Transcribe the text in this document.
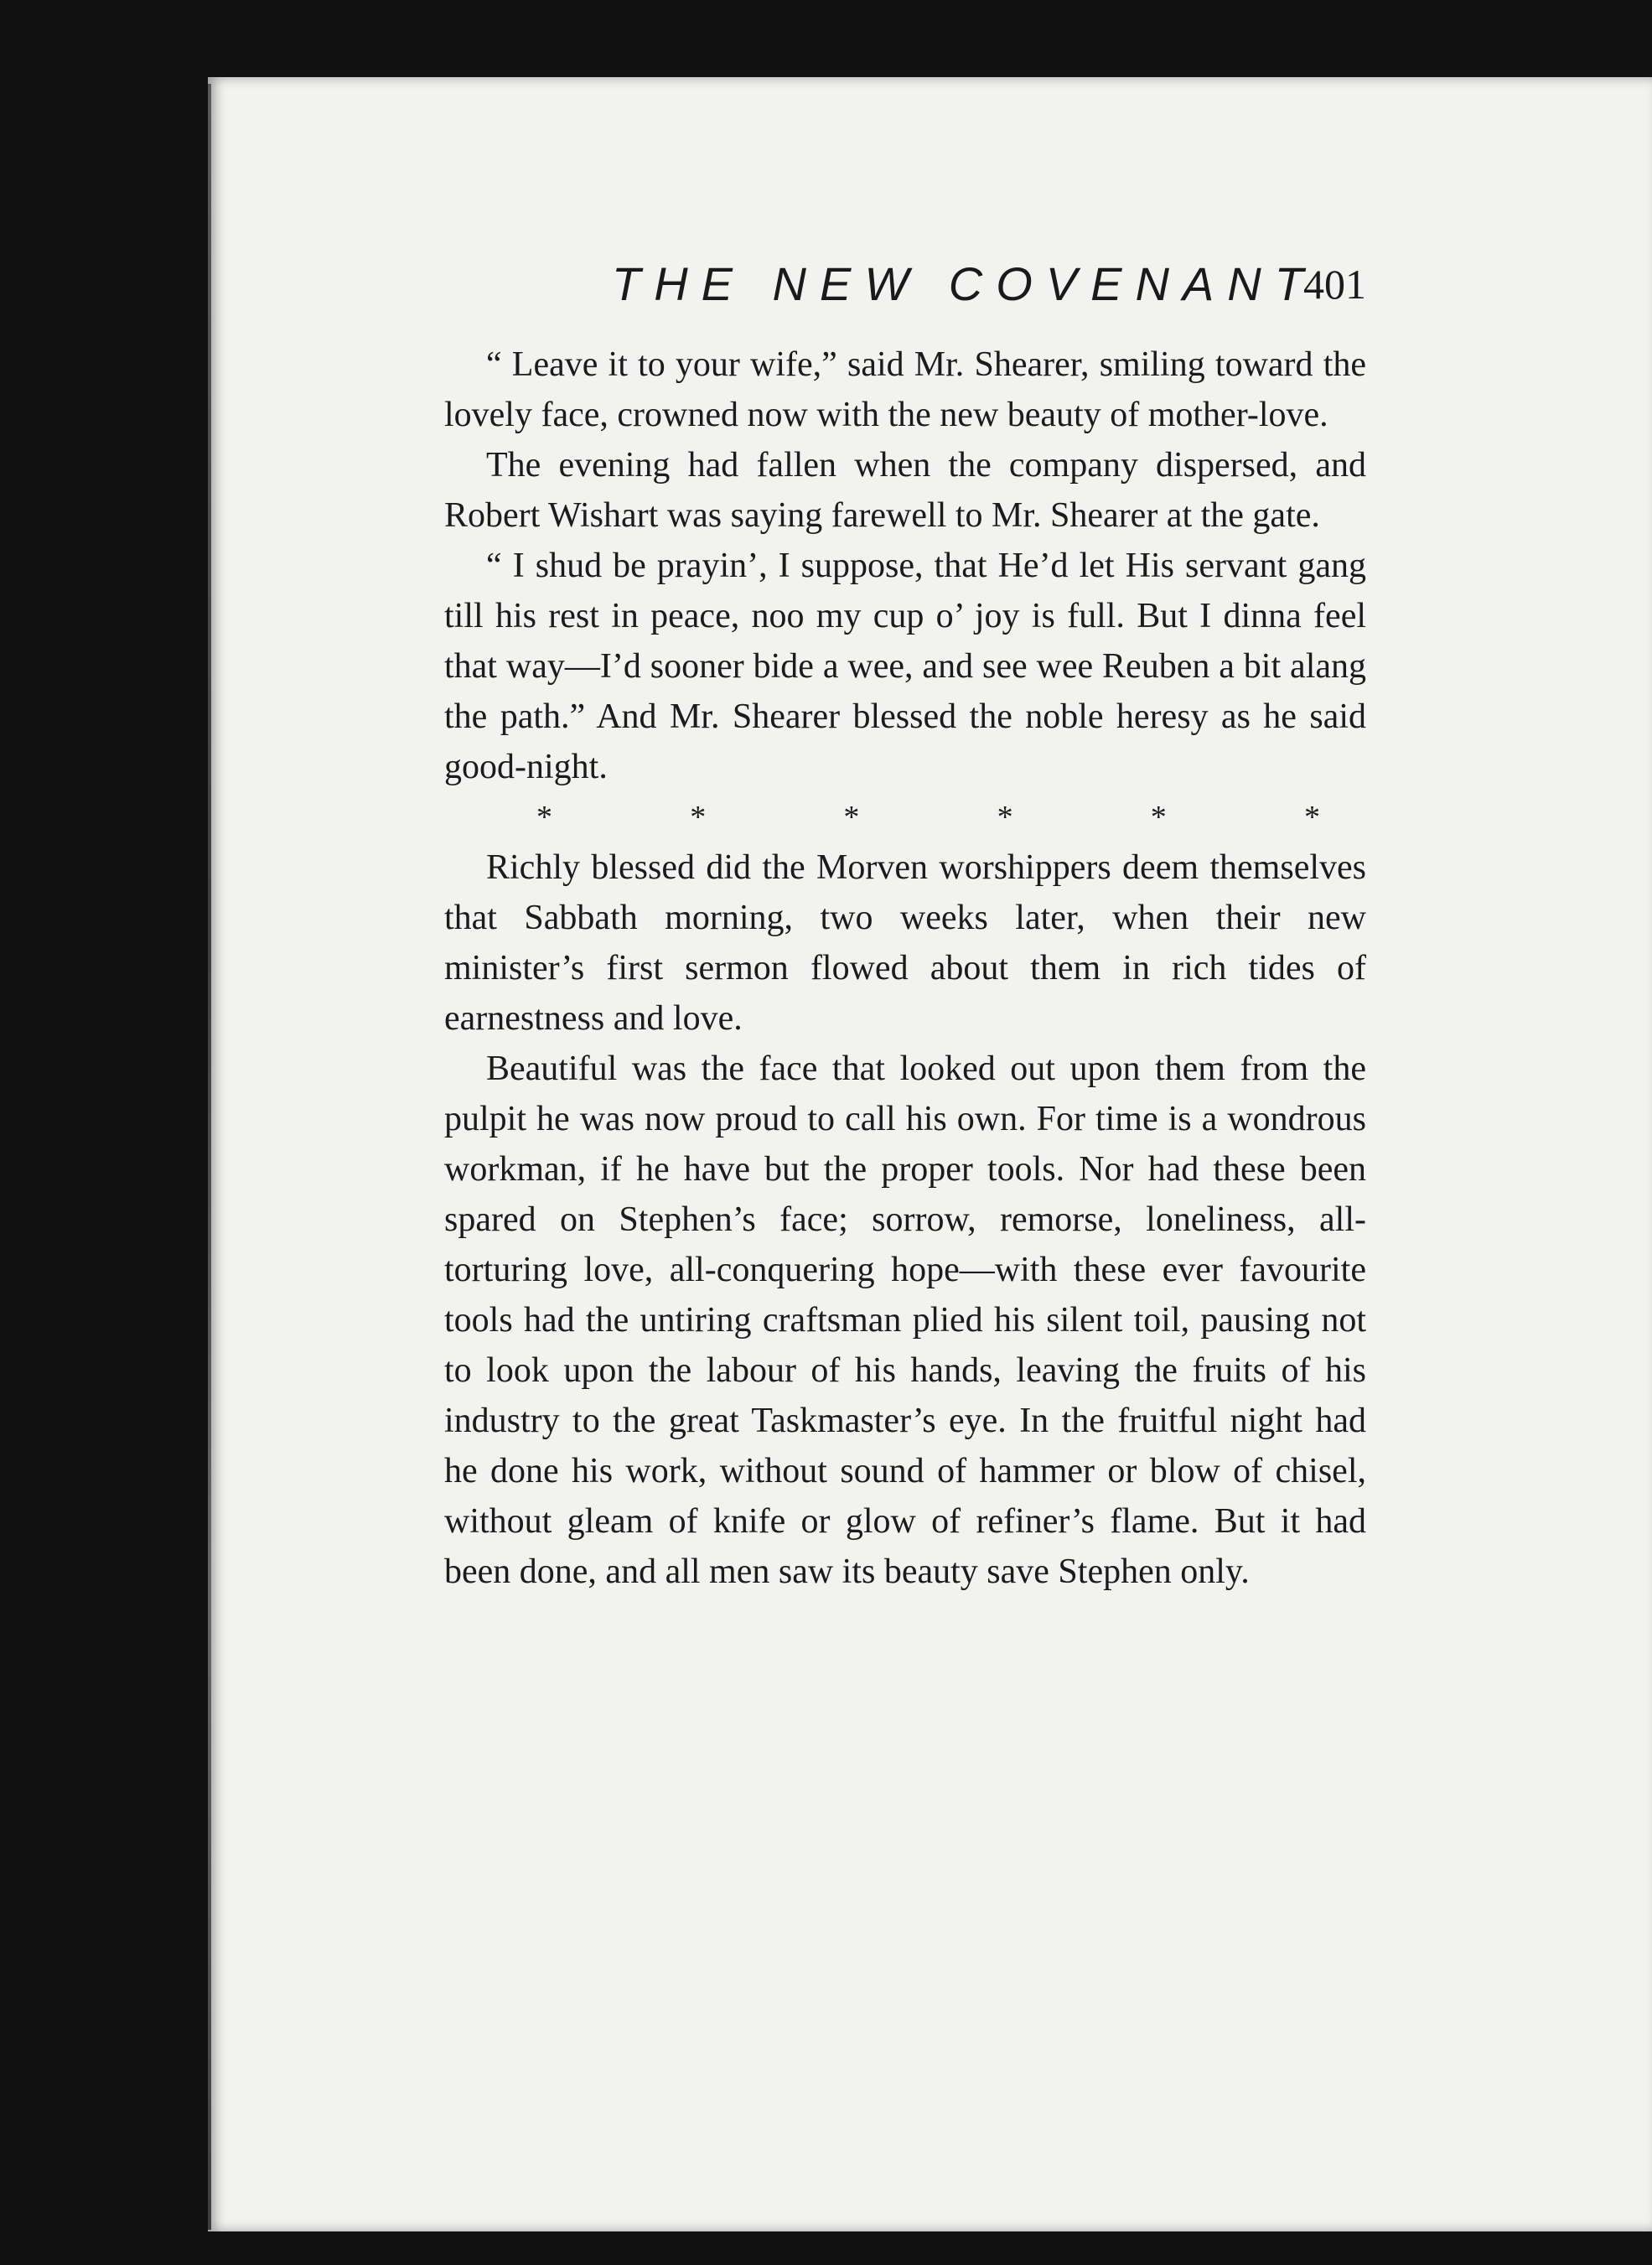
THE NEW COVENANT
401

“ Leave it to your wife,” said Mr. Shearer, smiling toward the lovely face, crowned now with the new beauty of mother-love.

The evening had fallen when the company dispersed, and Robert Wishart was saying farewell to Mr. Shearer at the gate.

“ I shud be prayin’, I suppose, that He’d let His servant gang till his rest in peace, noo my cup o’ joy is full. But I dinna feel that way—I’d sooner bide a wee, and see wee Reuben a bit alang the path.” And Mr. Shearer blessed the noble heresy as he said good-night.

*	*	*	*	*	*

Richly blessed did the Morven worshippers deem themselves that Sabbath morning, two weeks later, when their new minister’s first sermon flowed about them in rich tides of earnestness and love.

Beautiful was the face that looked out upon them from the pulpit he was now proud to call his own. For time is a wondrous workman, if he have but the proper tools. Nor had these been spared on Stephen’s face; sorrow, remorse, loneliness, all-torturing love, all-conquering hope—with these ever favourite tools had the untiring craftsman plied his silent toil, pausing not to look upon the labour of his hands, leaving the fruits of his industry to the great Taskmaster’s eye. In the fruitful night had he done his work, without sound of hammer or blow of chisel, without gleam of knife or glow of refiner’s flame. But it had been done, and all men saw its beauty save Stephen only.
